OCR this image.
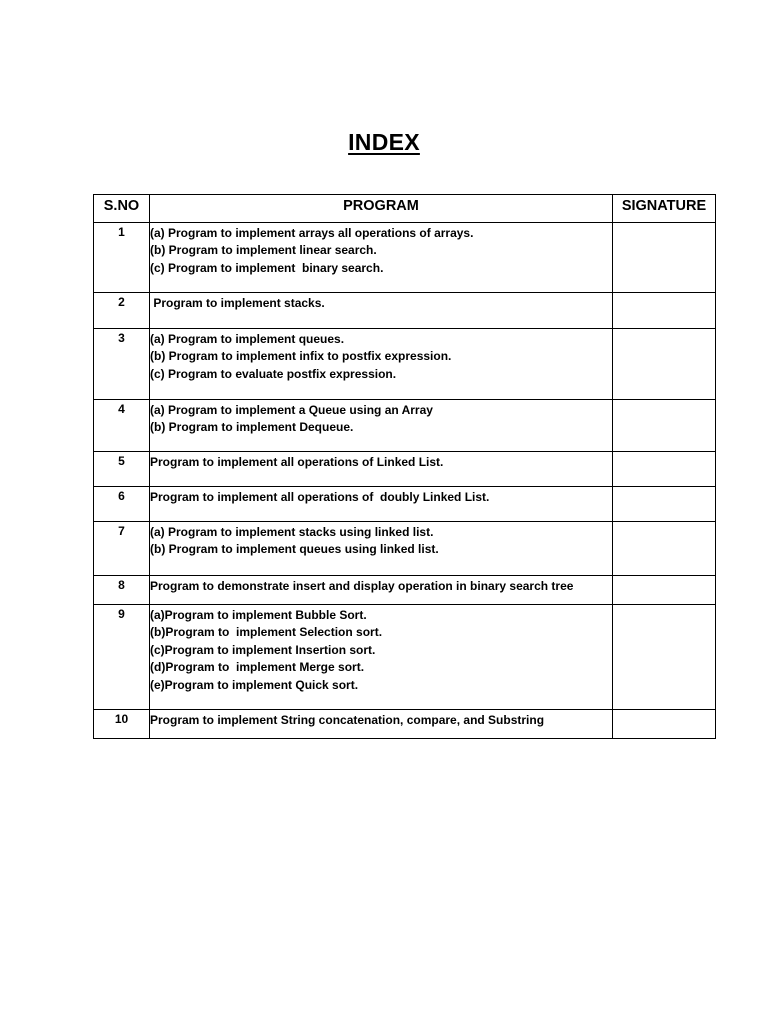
INDEX
S.NO	PROGRAM	SIGNATURE
1	(a) Program to implement arrays all operations of arrays.
(b) Program to implement linear search.
(c) Program to implement  binary search.	

2	Program to implement stacks.	

3	(a) Program to implement queues.
(b) Program to implement infix to postfix expression.
(c) Program to evaluate postfix expression.	

4	(a) Program to implement a Queue using an Array
(b) Program to implement Dequeue.	

5	Program to implement all operations of Linked List.	

6	Program to implement all operations of  doubly Linked List.	

7	(a) Program to implement stacks using linked list.
(b) Program to implement queues using linked list.	

8	Program to demonstrate insert and display operation in binary search tree	

9	(a)Program to implement Bubble Sort.
(b)Program to  implement Selection sort.
(c)Program to implement Insertion sort.
(d)Program to  implement Merge sort.
(e)Program to implement Quick sort.	

10	Program to implement String concatenation, compare, and Substring	
